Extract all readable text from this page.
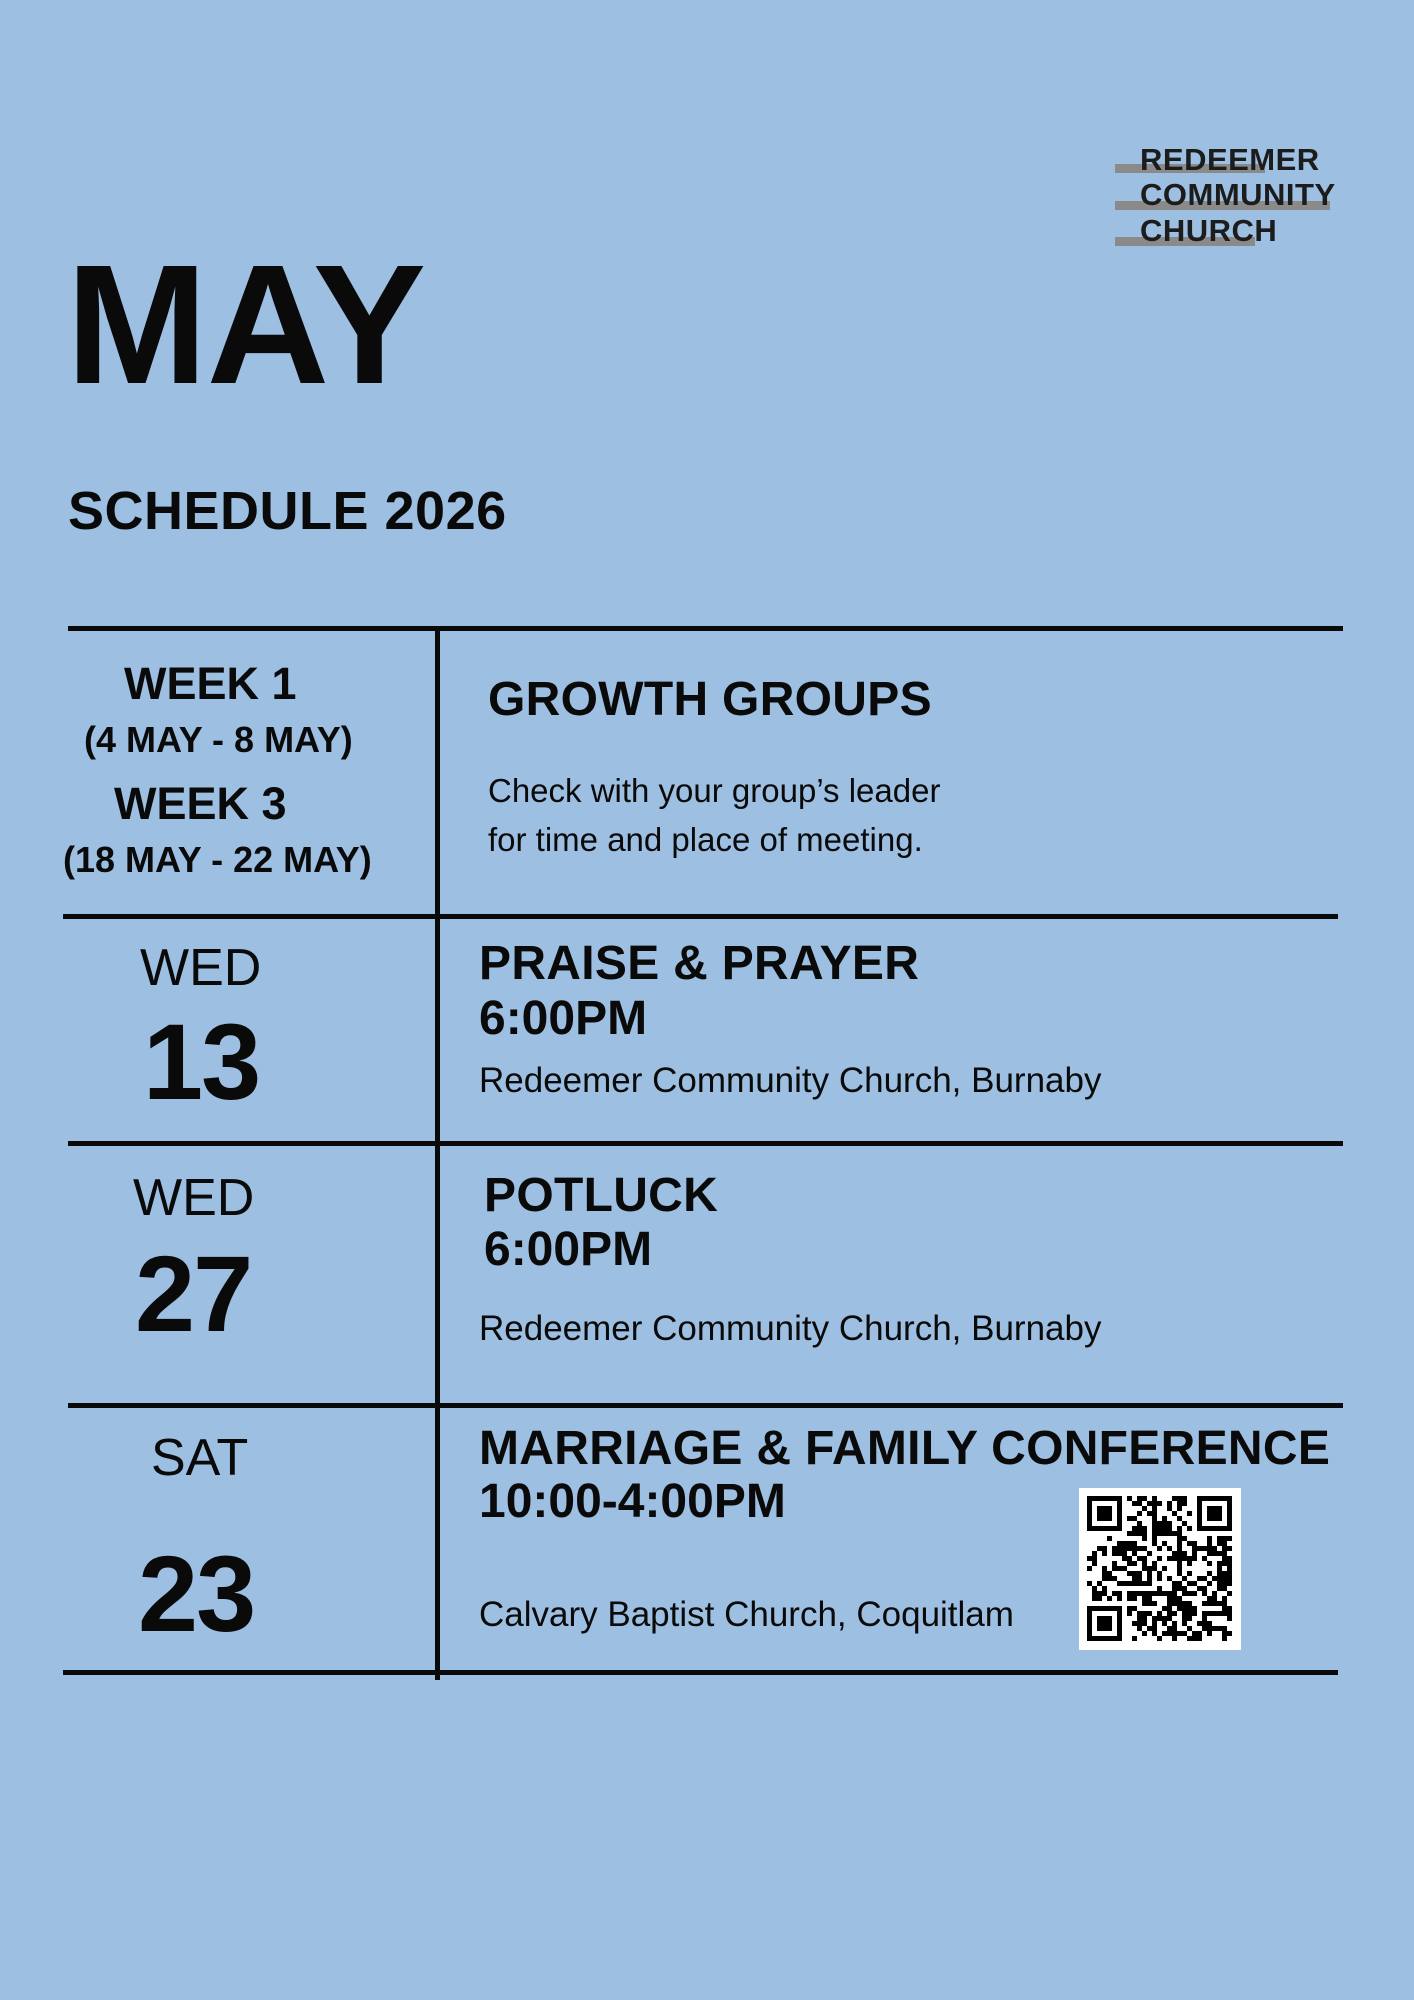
REDEEMER
COMMUNITY
CHURCH
MAY
SCHEDULE 2026
WEEK 1
(4 MAY - 8 MAY)
WEEK 3
(18 MAY - 22 MAY)
GROWTH GROUPS
Check with your group’s leader
for time and place of meeting.
WED
13
PRAISE & PRAYER
6:00PM
Redeemer Community Church, Burnaby
WED
27
POTLUCK
6:00PM
Redeemer Community Church, Burnaby
SAT
23
MARRIAGE & FAMILY CONFERENCE
10:00-4:00PM
Calvary Baptist Church, Coquitlam
